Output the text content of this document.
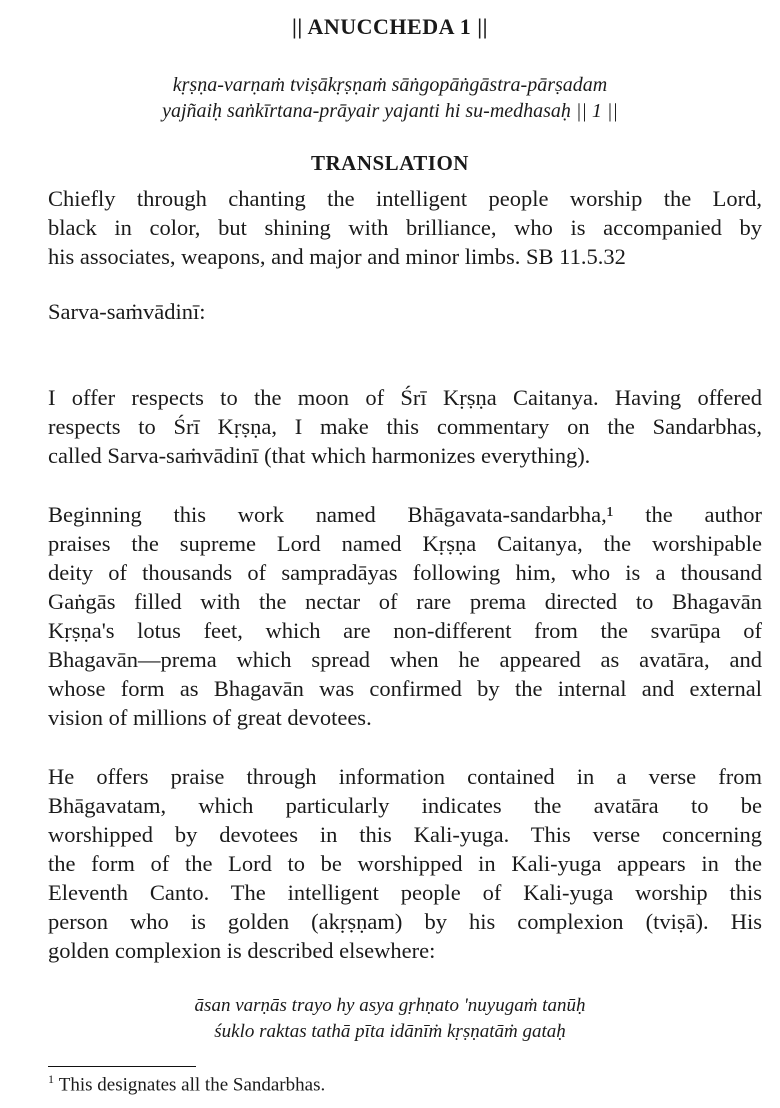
|| ANUCCHEDA 1 ||
kṛṣṇa-varṇaṁ tviṣākṛṣṇaṁ sāṅgopāṅgāstra-pārṣadam
yajñaiḥ saṅkīrtana-prāyair yajanti hi su-medhasaḥ || 1 ||
TRANSLATION
Chiefly through chanting the intelligent people worship the Lord,
black in color, but shining with brilliance, who is accompanied by
his associates, weapons, and major and minor limbs. SB 11.5.32
Sarva-saṁvādinī:
I offer respects to the moon of Śrī Kṛṣṇa Caitanya. Having offered
respects to Śrī Kṛṣṇa, I make this commentary on the Sandarbhas,
called Sarva-saṁvādinī (that which harmonizes everything).
Beginning this work named Bhāgavata-sandarbha,¹ the author
praises the supreme Lord named Kṛṣṇa Caitanya, the worshipable
deity of thousands of sampradāyas following him, who is a thousand
Gaṅgās filled with the nectar of rare prema directed to Bhagavān
Kṛṣṇa's lotus feet, which are non-different from the svarūpa of
Bhagavān—prema which spread when he appeared as avatāra, and
whose form as Bhagavān was confirmed by the internal and external
vision of millions of great devotees.
He offers praise through information contained in a verse from
Bhāgavatam, which particularly indicates the avatāra to be
worshipped by devotees in this Kali-yuga. This verse concerning
the form of the Lord to be worshipped in Kali-yuga appears in the
Eleventh Canto. The intelligent people of Kali-yuga worship this
person who is golden (akṛṣṇam) by his complexion (tviṣā). His
golden complexion is described elsewhere:
āsan varṇās trayo hy asya gṛhṇato 'nuyugaṁ tanūḥ
śuklo raktas tathā pīta idānīṁ kṛṣṇatāṁ gataḥ
$^1$ This designates all the Sandarbhas.
